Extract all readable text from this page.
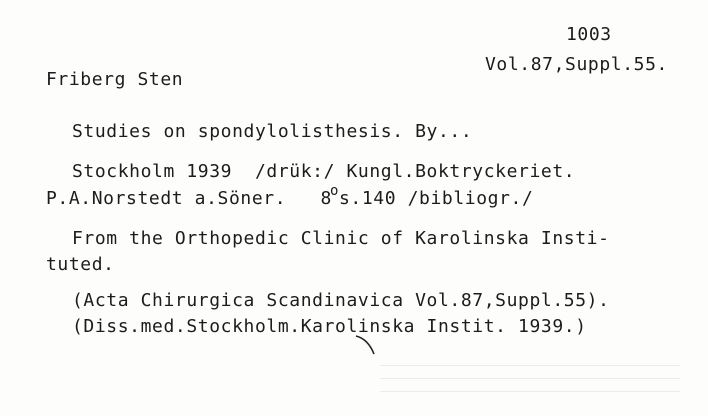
1003
Vol.87,Suppl.55.
Friberg Sten
Studies on spondylolisthesis. By...
Stockholm 1939  /drük:/ Kungl.Boktryckeriet.
P.A.Norstedt a.Söner.   8$^o$s.140 /bibliogr./
From the Orthopedic Clinic of Karolinska Insti-
tuted.
(Acta Chirurgica Scandinavica Vol.87,Suppl.55).
(Diss.med.Stockholm.Karolinska Instit. 1939.)
